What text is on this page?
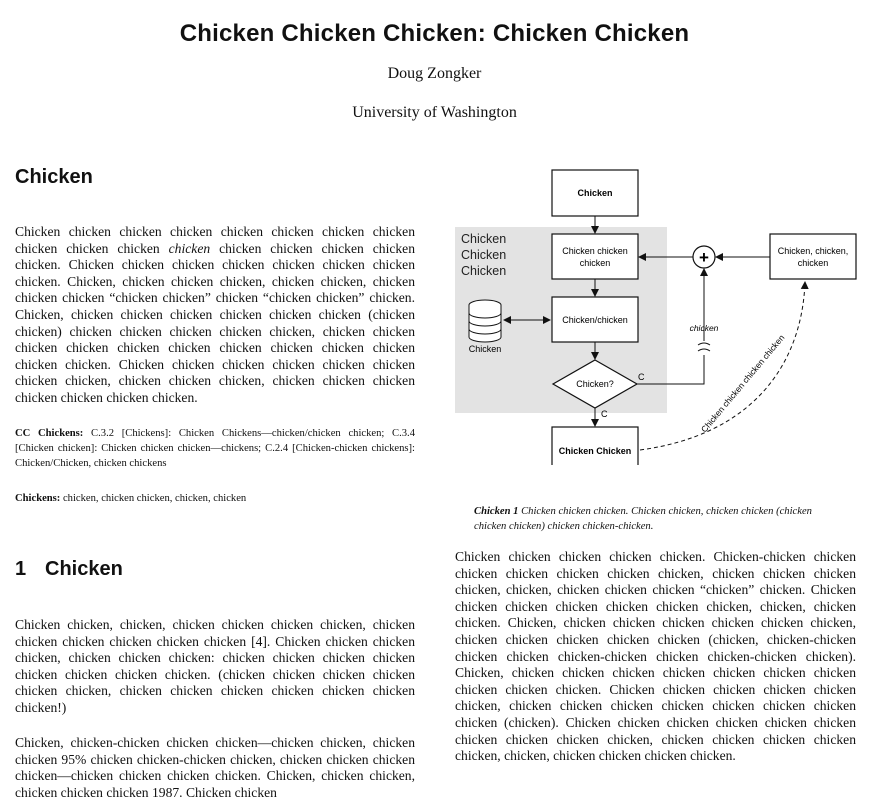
Chicken Chicken Chicken: Chicken Chicken
Doug Zongker
University of Washington
Chicken
Chicken chicken chicken chicken chicken chicken chicken chicken chicken chicken chicken chicken chicken chicken chicken chicken chicken. Chicken chicken chicken chicken chicken chicken chicken chicken. Chicken, chicken chicken chicken, chicken chicken, chicken chicken chicken “chicken chicken” chicken “chicken chicken” chicken. Chicken, chicken chicken chicken chicken chicken chicken (chicken chicken) chicken chicken chicken chicken chicken, chicken chicken chicken chicken chicken chicken chicken chicken chicken chicken chicken chicken. Chicken chicken chicken chicken chicken chicken chicken chicken, chicken chicken chicken, chicken chicken chicken chicken chicken chicken chicken.
CC Chickens: C.3.2 [Chickens]: Chicken Chickens—chicken/chicken chicken; C.3.4 [Chicken chicken]: Chicken chicken chicken—chickens; C.2.4 [Chicken-chicken chickens]: Chicken/Chicken, chicken chickens
Chickens: chicken, chicken chicken, chicken, chicken
1 Chicken
Chicken chicken, chicken, chicken chicken chicken chicken, chicken chicken chicken chicken chicken chicken [4]. Chicken chicken chicken chicken, chicken chicken chicken: chicken chicken chicken chicken chicken chicken chicken chicken. (chicken chicken chicken chicken chicken chicken, chicken chicken chicken chicken chicken chicken chicken!)
Chicken, chicken-chicken chicken chicken—chicken chicken, chicken chicken 95% chicken chicken-chicken chicken, chicken chicken chicken chicken—chicken chicken chicken chicken. Chicken, chicken chicken, chicken chicken chicken 1987. Chicken chicken
Chicken
Chicken
Chicken
Chicken
Chicken chicken
chicken
Chicken/chicken
Chicken?
Chicken Chicken
Chicken, chicken,
chicken
+
Chicken
C
chicken
C	Chicken chicken chicken chicken
Chicken 1 Chicken chicken chicken. Chicken chicken, chicken chicken (chicken chicken chicken) chicken chicken-chicken.
Chicken chicken chicken chicken chicken. Chicken-chicken chicken chicken chicken chicken chicken chicken, chicken chicken chicken chicken, chicken, chicken chicken chicken “chicken” chicken. Chicken chicken chicken chicken chicken chicken chicken, chicken, chicken chicken. Chicken, chicken chicken chicken chicken chicken chicken, chicken chicken chicken chicken chicken (chicken, chicken-chicken chicken chicken chicken-chicken chicken chicken-chicken chicken). Chicken, chicken chicken chicken chicken chicken chicken chicken chicken chicken chicken. Chicken chicken chicken chicken chicken chicken, chicken chicken chicken chicken chicken chicken chicken chicken (chicken). Chicken chicken chicken chicken chicken chicken chicken chicken chicken chicken, chicken chicken chicken chicken chicken, chicken, chicken chicken chicken chicken.
